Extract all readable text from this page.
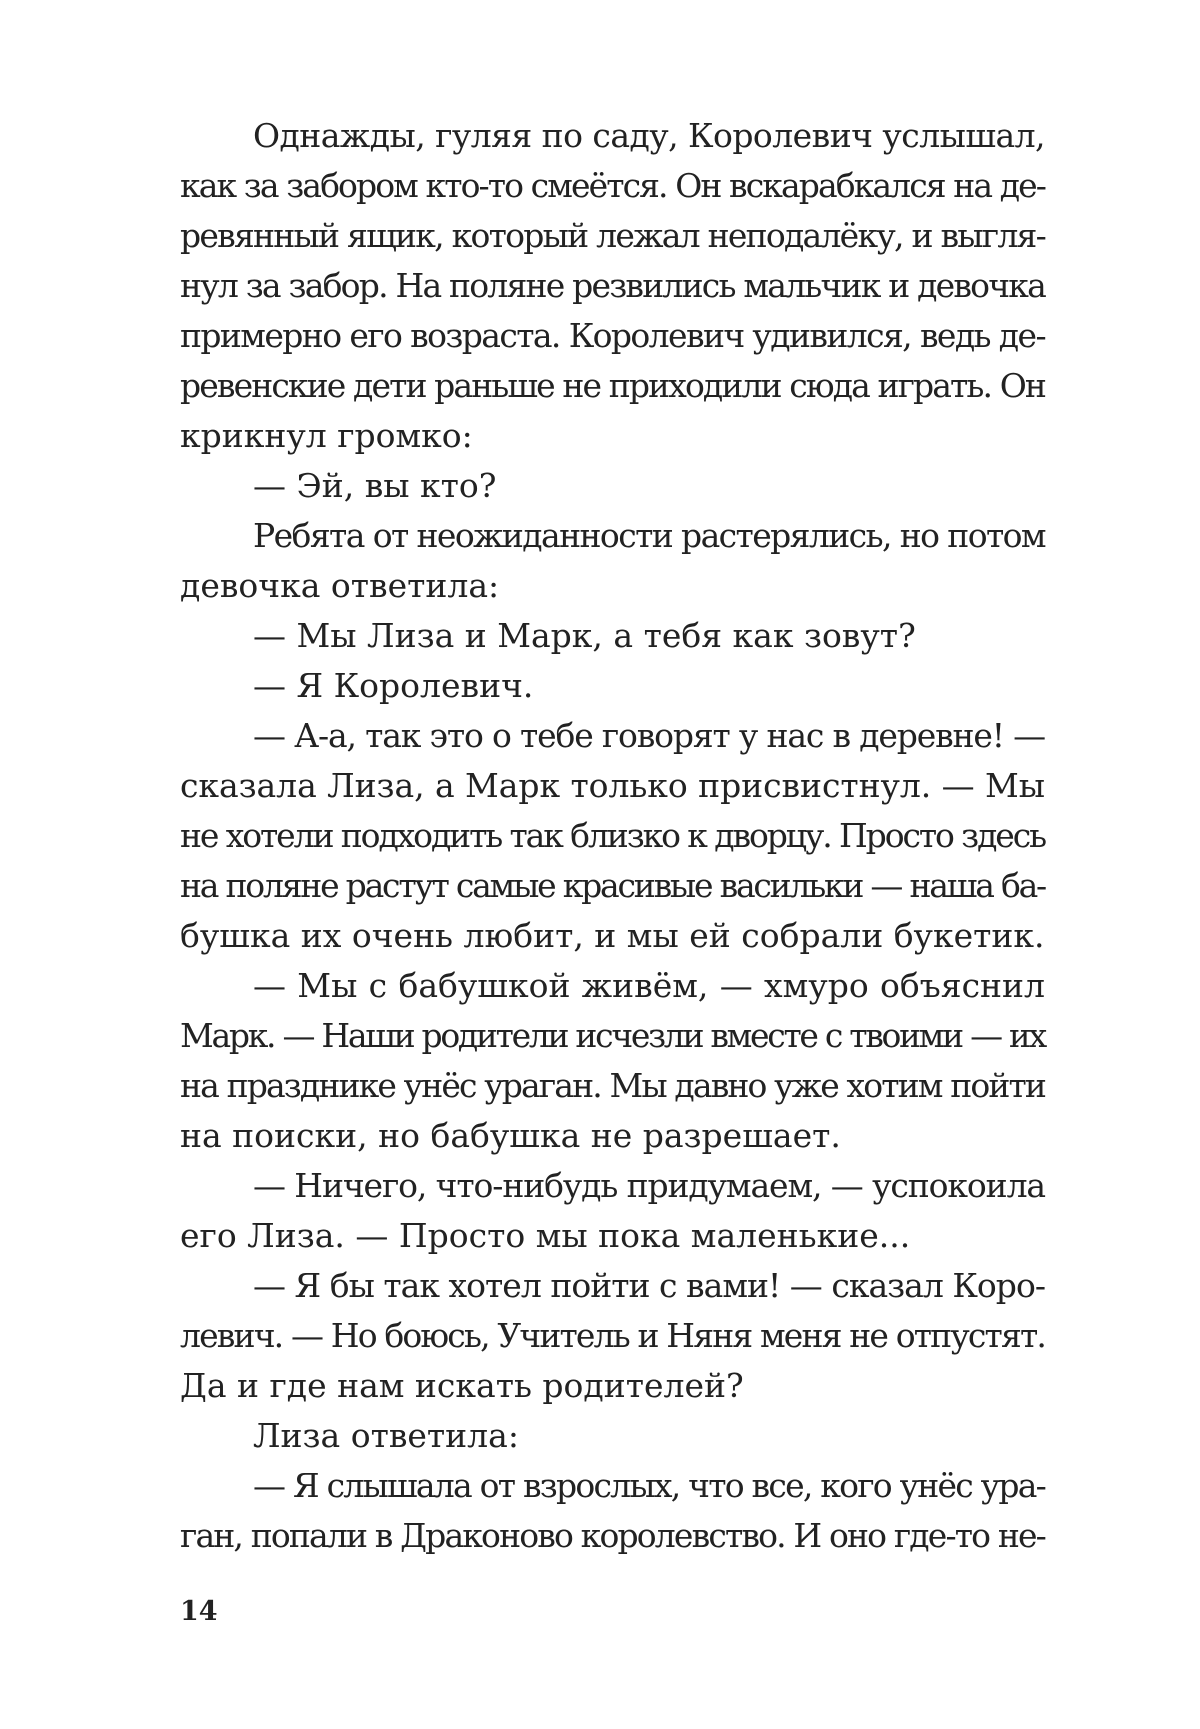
Однажды, гуляя по саду, Королевич услышал,
как за забором кто-то смеётся. Он вскарабкался на де-
ревянный ящик, который лежал неподалёку, и выгля-
нул за забор. На поляне резвились мальчик и девочка
примерно его возраста. Королевич удивился, ведь де-
ревенские дети раньше не приходили сюда играть. Он
крикнул громко:
— Эй, вы кто?
Ребята от неожиданности растерялись, но потом
девочка ответила:
— Мы Лиза и Марк, а тебя как зовут?
— Я Королевич.
— А-а, так это о тебе говорят у нас в деревне! —
сказала Лиза, а Марк только присвистнул. — Мы
не хотели подходить так близко к дворцу. Просто здесь
на поляне растут самые красивые васильки — наша ба-
бушка их очень любит, и мы ей собрали букетик.
— Мы с бабушкой живём, — хмуро объяснил
Марк. — Наши родители исчезли вместе с твоими — их
на празднике унёс ураган. Мы давно уже хотим пойти
на поиски, но бабушка не разрешает.
— Ничего, что-нибудь придумаем, — успокоила
его Лиза. — Просто мы пока маленькие...
— Я бы так хотел пойти с вами! — сказал Коро-
левич. — Но боюсь, Учитель и Няня меня не отпустят.
Да и где нам искать родителей?
Лиза ответила:
— Я слышала от взрослых, что все, кого унёс ура-
ган, попали в Драконово королевство. И оно где-то не-
14
